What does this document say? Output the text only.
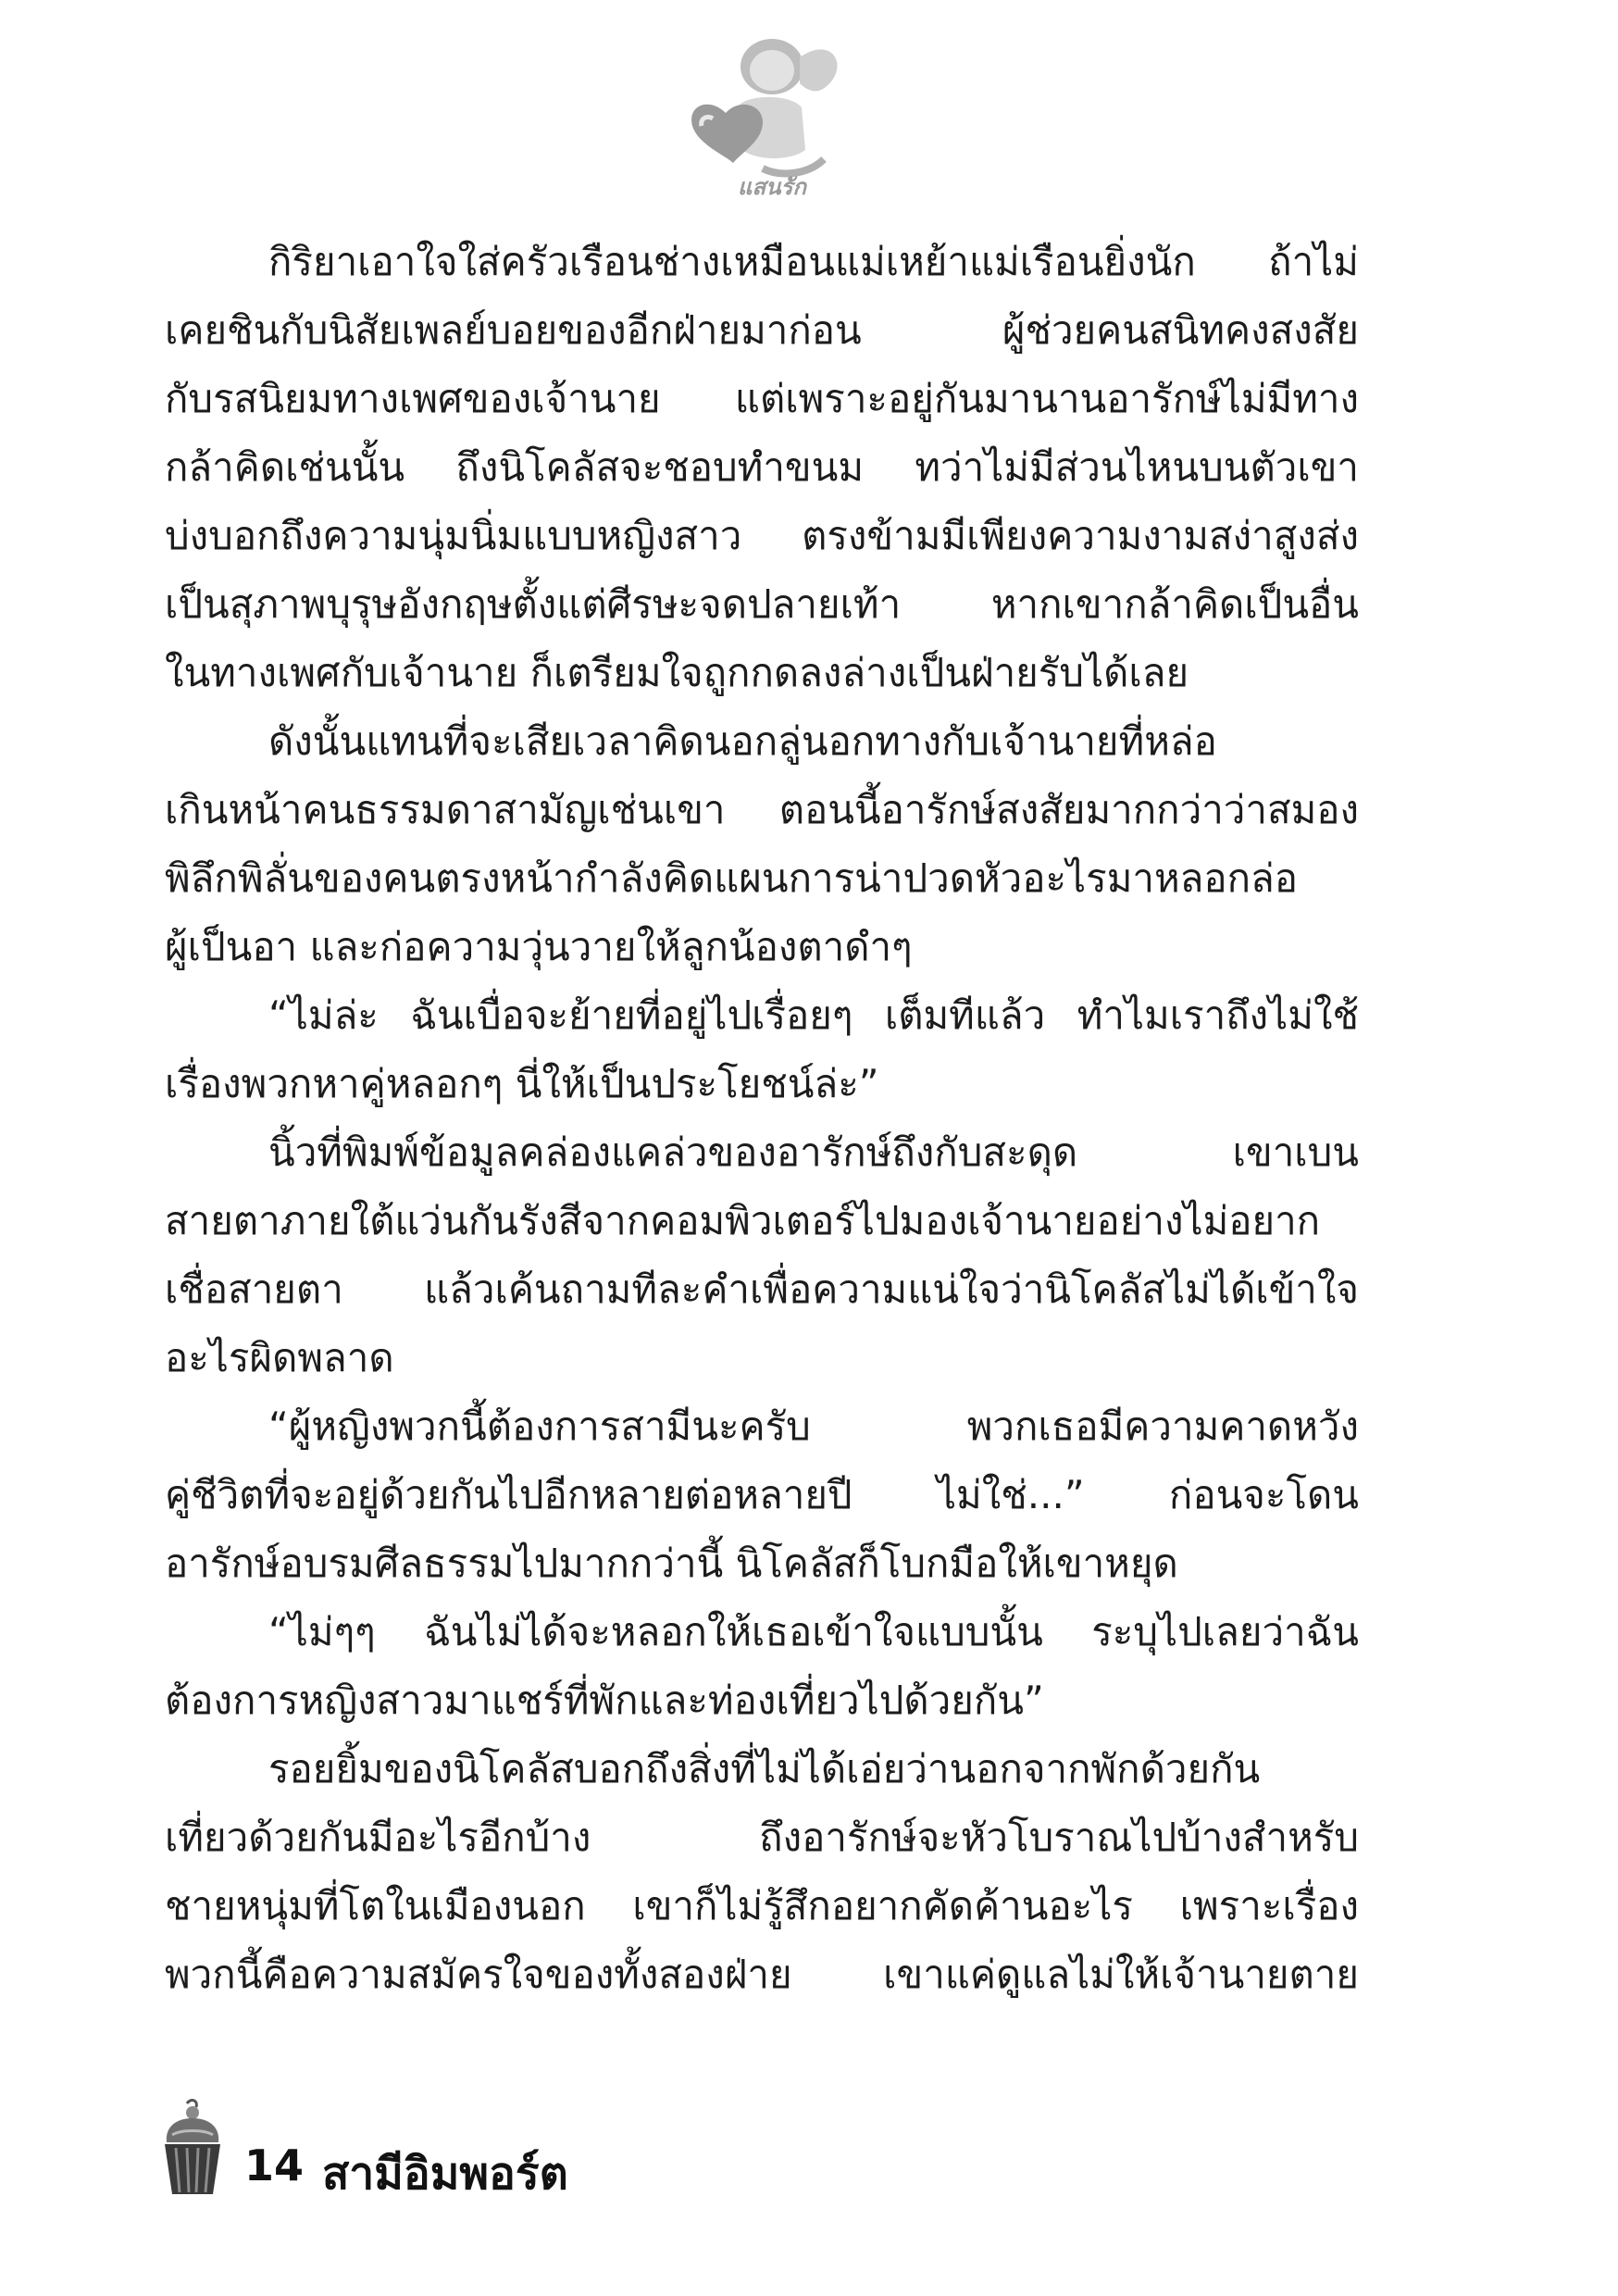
แสนรัก
กิริยาเอาใจใส่ครัวเรือนช่างเหมือนแม่เหย้าแม่เรือนยิ่งนัก ถ้าไม่
เคยชินกับนิสัยเพลย์บอยของอีกฝ่ายมาก่อน ผู้ช่วยคนสนิทคงสงสัย
กับรสนิยมทางเพศของเจ้านาย แต่เพราะอยู่กันมานานอารักษ์ไม่มีทาง
กล้าคิดเช่นนั้น ถึงนิโคลัสจะชอบทำขนม ทว่าไม่มีส่วนไหนบนตัวเขา
บ่งบอกถึงความนุ่มนิ่มแบบหญิงสาว ตรงข้ามมีเพียงความงามสง่าสูงส่ง
เป็นสุภาพบุรุษอังกฤษตั้งแต่ศีรษะจดปลายเท้า หากเขากล้าคิดเป็นอื่น
ในทางเพศกับเจ้านาย ก็เตรียมใจถูกกดลงล่างเป็นฝ่ายรับได้เลย
ดังนั้นแทนที่จะเสียเวลาคิดนอกลู่นอกทางกับเจ้านายที่หล่อ
เกินหน้าคนธรรมดาสามัญเช่นเขา ตอนนี้อารักษ์สงสัยมากกว่าว่าสมอง
พิลึกพิลั่นของคนตรงหน้ากำลังคิดแผนการน่าปวดหัวอะไรมาหลอกล่อ
ผู้เป็นอา และก่อความวุ่นวายให้ลูกน้องตาดำๆ
“ไม่ล่ะ ฉันเบื่อจะย้ายที่อยู่ไปเรื่อยๆ เต็มทีแล้ว ทำไมเราถึงไม่ใช้
เรื่องพวกหาคู่หลอกๆ นี่ให้เป็นประโยชน์ล่ะ”
นิ้วที่พิมพ์ข้อมูลคล่องแคล่วของอารักษ์ถึงกับสะดุด เขาเบน
สายตาภายใต้แว่นกันรังสีจากคอมพิวเตอร์ไปมองเจ้านายอย่างไม่อยาก
เชื่อสายตา แล้วเค้นถามทีละคำเพื่อความแน่ใจว่านิโคลัสไม่ได้เข้าใจ
อะไรผิดพลาด
“ผู้หญิงพวกนี้ต้องการสามีนะครับ พวกเธอมีความคาดหวัง
คู่ชีวิตที่จะอยู่ด้วยกันไปอีกหลายต่อหลายปี ไม่ใช่...” ก่อนจะโดน
อารักษ์อบรมศีลธรรมไปมากกว่านี้ นิโคลัสก็โบกมือให้เขาหยุด
“ไม่ๆๆ ฉันไม่ได้จะหลอกให้เธอเข้าใจแบบนั้น ระบุไปเลยว่าฉัน
ต้องการหญิงสาวมาแชร์ที่พักและท่องเที่ยวไปด้วยกัน”
รอยยิ้มของนิโคลัสบอกถึงสิ่งที่ไม่ได้เอ่ยว่านอกจากพักด้วยกัน
เที่ยวด้วยกันมีอะไรอีกบ้าง ถึงอารักษ์จะหัวโบราณไปบ้างสำหรับ
ชายหนุ่มที่โตในเมืองนอก เขาก็ไม่รู้สึกอยากคัดค้านอะไร เพราะเรื่อง
พวกนี้คือความสมัครใจของทั้งสองฝ่าย เขาแค่ดูแลไม่ให้เจ้านายตาย
14 สามีอิมพอร์ต
